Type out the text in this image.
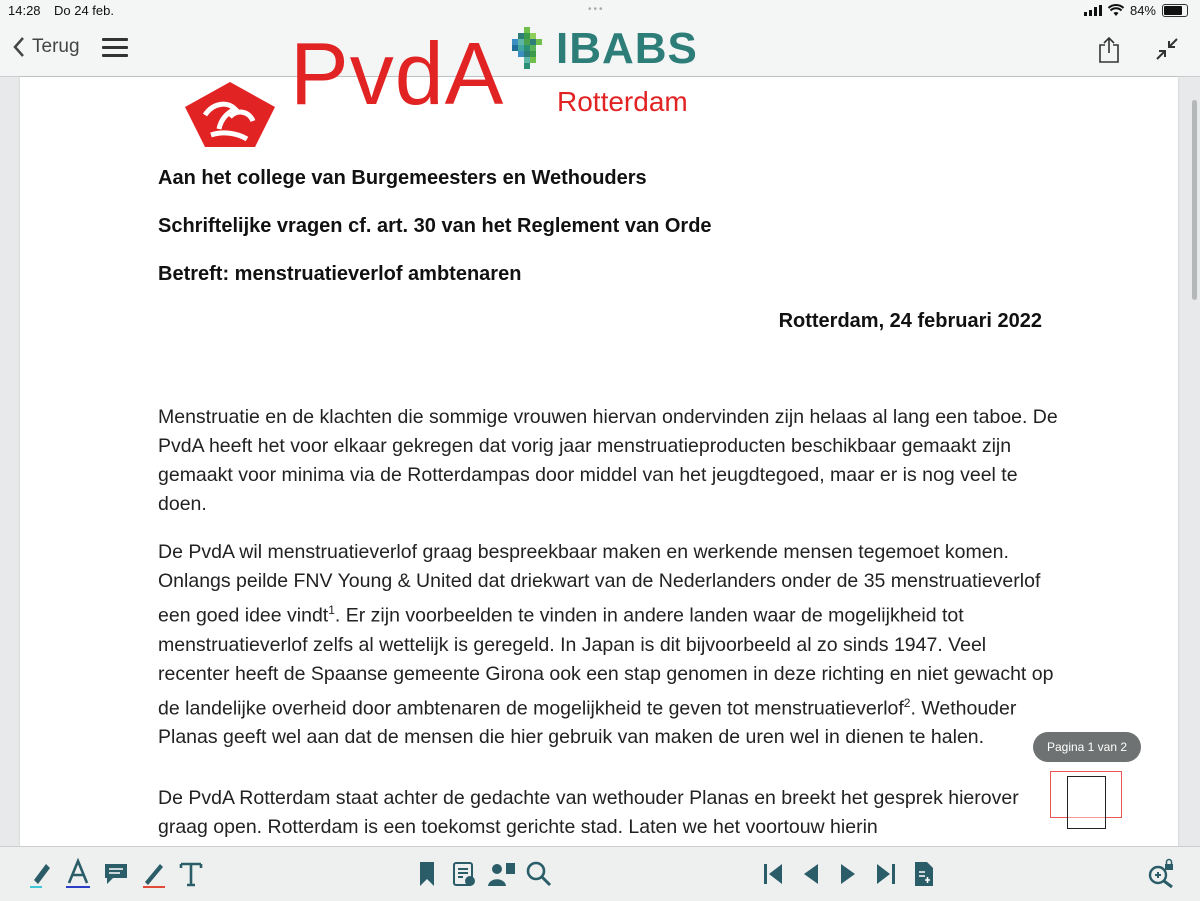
14:28 Do 24 feb.	•••	84%
Terug	IBABS
PvdA Rotterdam
Aan het college van Burgemeesters en Wethouders
Schriftelijke vragen cf. art. 30 van het Reglement van Orde
Betreft: menstruatieverlof ambtenaren
Rotterdam, 24 februari 2022

Menstruatie en de klachten die sommige vrouwen hiervan ondervinden zijn helaas al lang een taboe. De PvdA heeft het voor elkaar gekregen dat vorig jaar menstruatieproducten beschikbaar gemaakt zijn gemaakt voor minima via de Rotterdampas door middel van het jeugdtegoed, maar er is nog veel te doen.

De PvdA wil menstruatieverlof graag bespreekbaar maken en werkende mensen tegemoet komen. Onlangs peilde FNV Young & United dat driekwart van de Nederlanders onder de 35 menstruatieverlof een goed idee vindt$^1$. Er zijn voorbeelden te vinden in andere landen waar de mogelijkheid tot menstruatieverlof zelfs al wettelijk is geregeld. In Japan is dit bijvoorbeeld al zo sinds 1947. Veel recenter heeft de Spaanse gemeente Girona ook een stap genomen in deze richting en niet gewacht op de landelijke overheid door ambtenaren de mogelijkheid te geven tot menstruatieverlof$^2$. Wethouder Planas geeft wel aan dat de mensen die hier gebruik van maken de uren wel in dienen te halen.

De PvdA Rotterdam staat achter de gedachte van wethouder Planas en breekt het gesprek hierover graag open. Rotterdam is een toekomst gerichte stad. Laten we het voortouw hierin

Pagina 1 van 2
